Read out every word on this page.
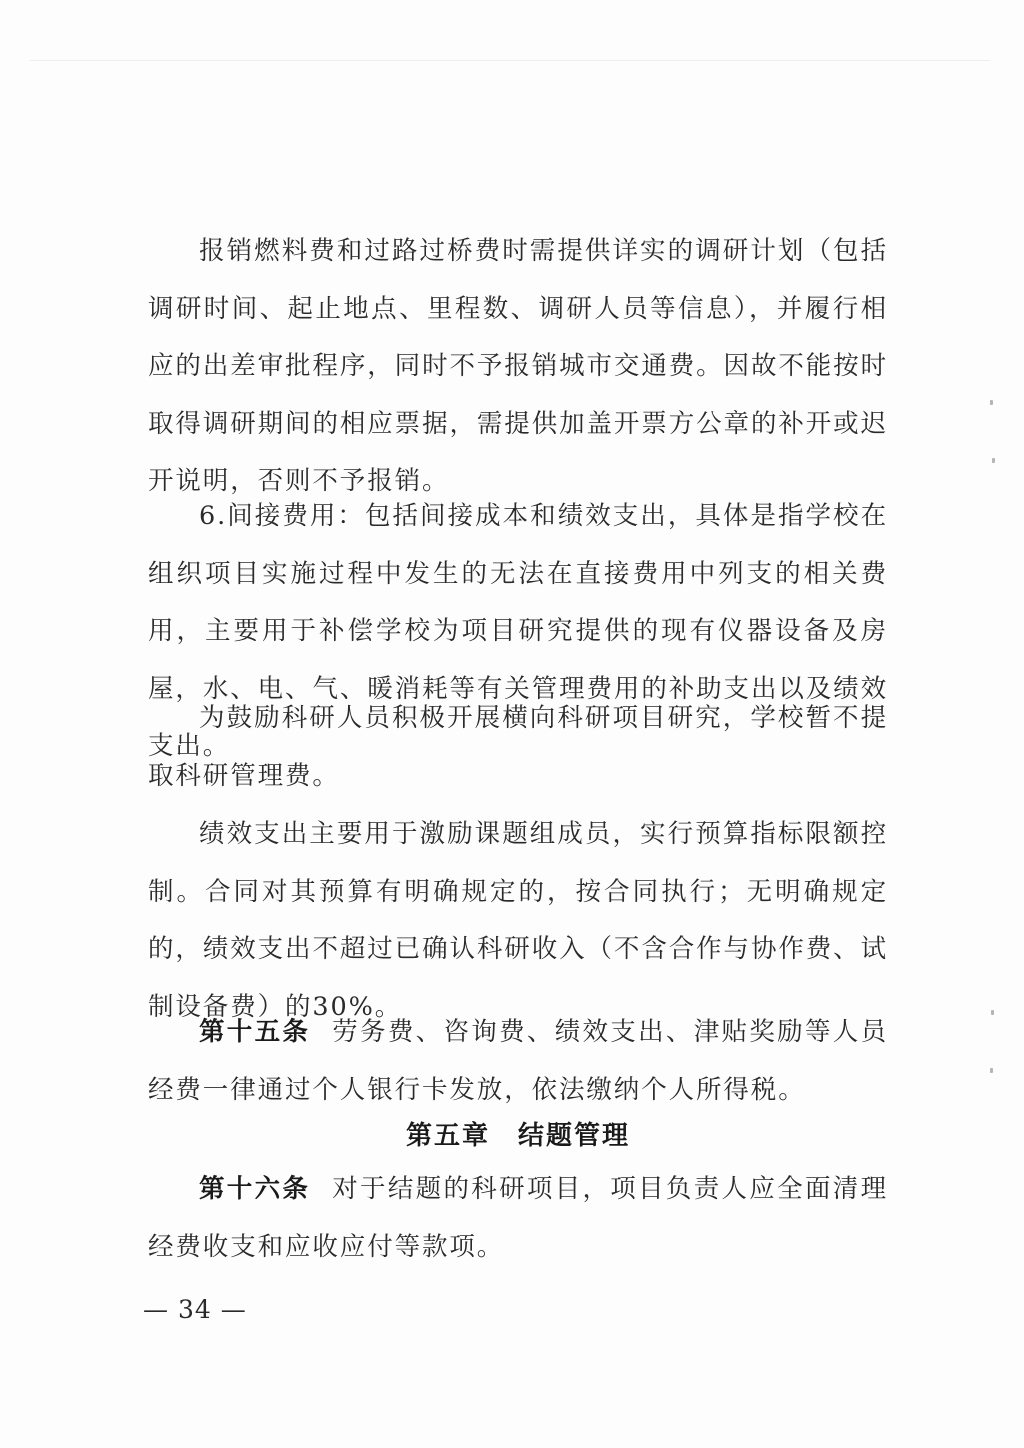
报销燃料费和过路过桥费时需提供详实的调研计划（包括调研时间、起止地点、里程数、调研人员等信息），并履行相应的出差审批程序，同时不予报销城市交通费。因故不能按时取得调研期间的相应票据，需提供加盖开票方公章的补开或迟开说明，否则不予报销。

6.间接费用：包括间接成本和绩效支出，具体是指学校在组织项目实施过程中发生的无法在直接费用中列支的相关费用，主要用于补偿学校为项目研究提供的现有仪器设备及房屋，水、电、气、暖消耗等有关管理费用的补助支出以及绩效支出。

为鼓励科研人员积极开展横向科研项目研究，学校暂不提取科研管理费。

绩效支出主要用于激励课题组成员，实行预算指标限额控制。合同对其预算有明确规定的，按合同执行；无明确规定的，绩效支出不超过已确认科研收入（不含合作与协作费、试制设备费）的30%。

第十五条 劳务费、咨询费、绩效支出、津贴奖励等人员经费一律通过个人银行卡发放，依法缴纳个人所得税。

第五章 结题管理

第十六条 对于结题的科研项目，项目负责人应全面清理经费收支和应收应付等款项。

— 34 —
